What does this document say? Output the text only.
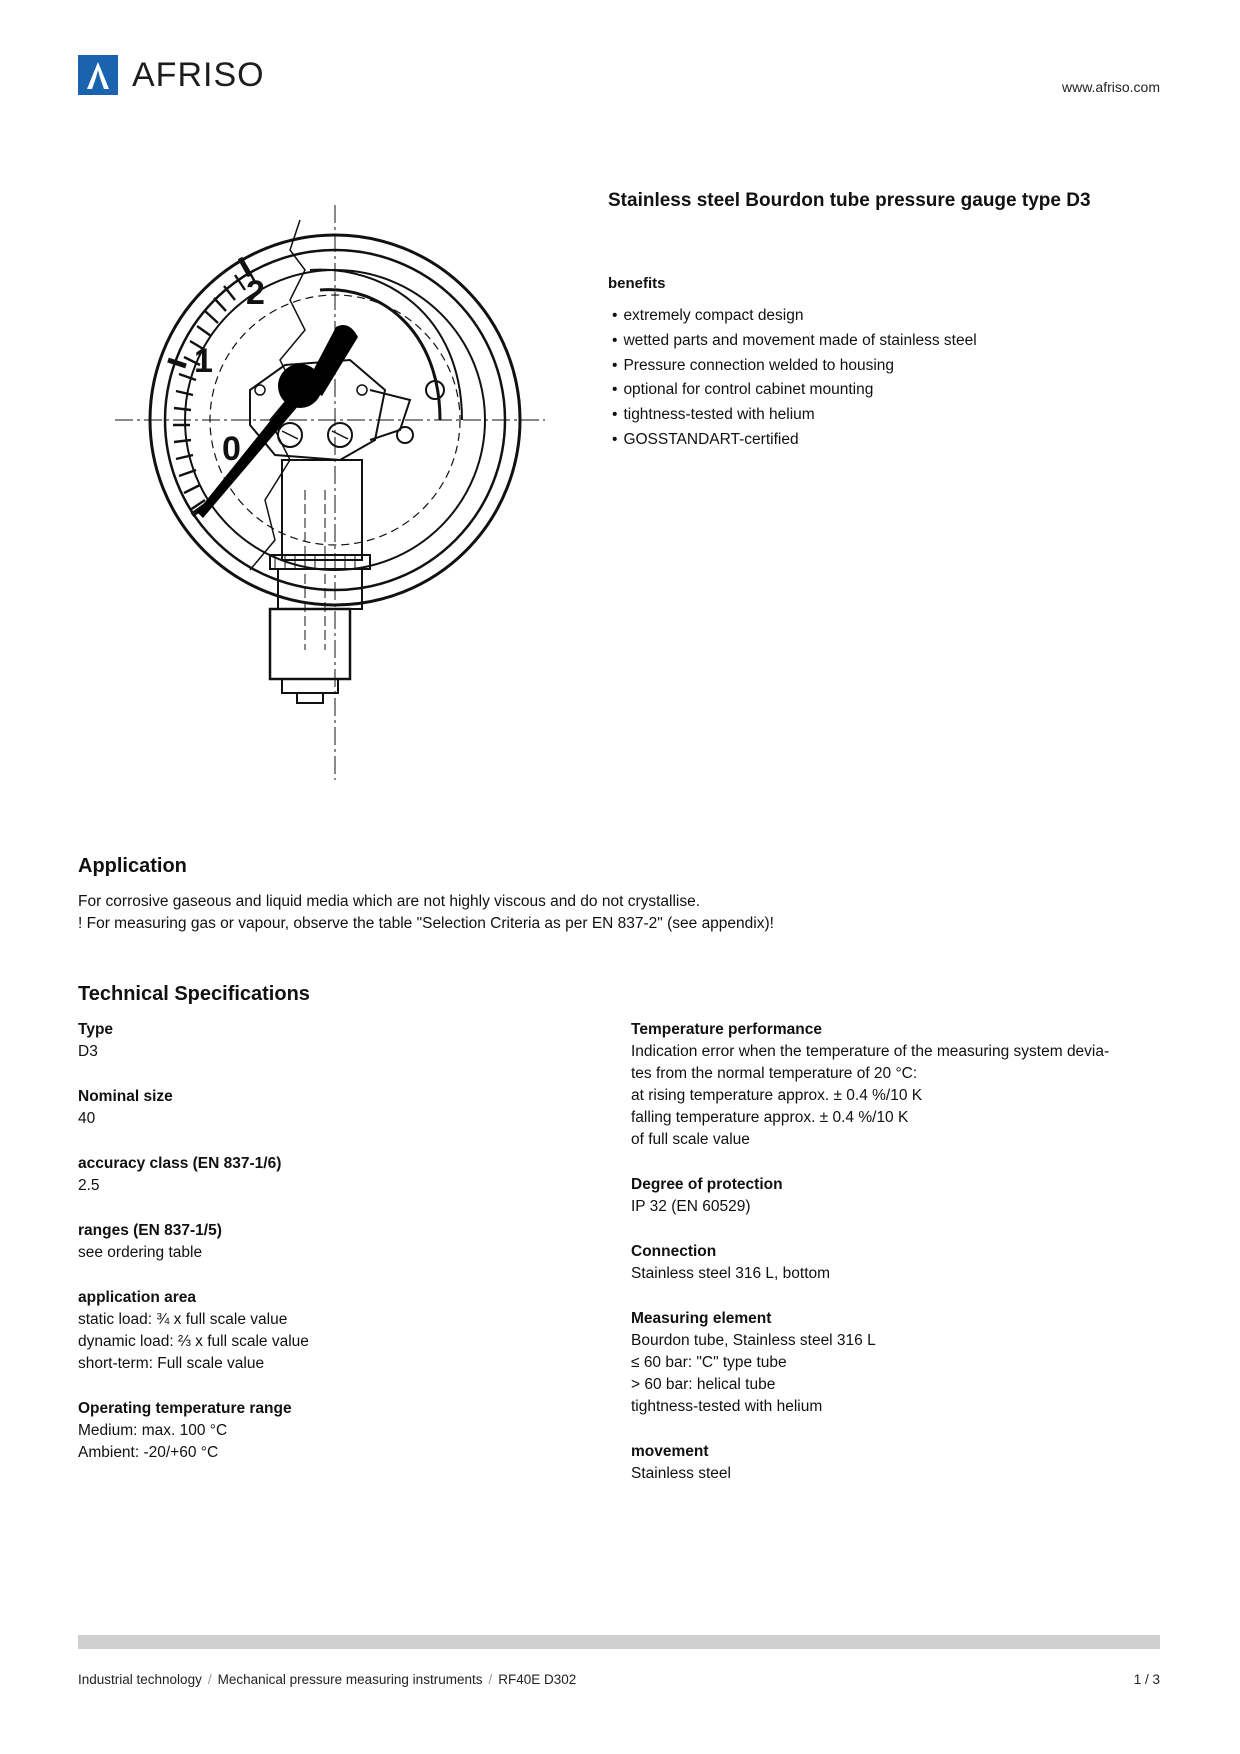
AFRISO	www.afriso.com
0
1
2
Stainless steel Bourdon tube pressure gauge type D3
benefits
• extremely compact design
• wetted parts and movement made of stainless steel
• Pressure connection welded to housing
• optional for control cabinet mounting
• tightness-tested with helium
• GOSSTANDART-certified
Application

For corrosive gaseous and liquid media which are not highly viscous and do not crystallise.

! For measuring gas or vapour, observe the table "Selection Criteria as per EN 837-2" (see appendix)!

Technical Specifications
Type
D3
Nominal size
40
accuracy class (EN 837-1/6)
2.5
ranges (EN 837-1/5)
see ordering table
application area
static load: ¾ x full scale value
dynamic load: ⅔ x full scale value
short-term: Full scale value
Operating temperature range
Medium: max. 100 °C
Ambient: -20/+60 °C
Temperature performance
Indication error when the temperature of the measuring system devia-
tes from the normal temperature of 20 °C:
at rising temperature approx. ± 0.4 %/10 K
falling temperature approx. ± 0.4 %/10 K
of full scale value
Degree of protection
IP 32 (EN 60529)
Connection
Stainless steel 316 L, bottom
Measuring element
Bourdon tube, Stainless steel 316 L
≤ 60 bar: "C" type tube
> 60 bar: helical tube
tightness-tested with helium
movement
Stainless steel
Industrial technology / Mechanical pressure measuring instruments / RF40E D302	1 / 3
